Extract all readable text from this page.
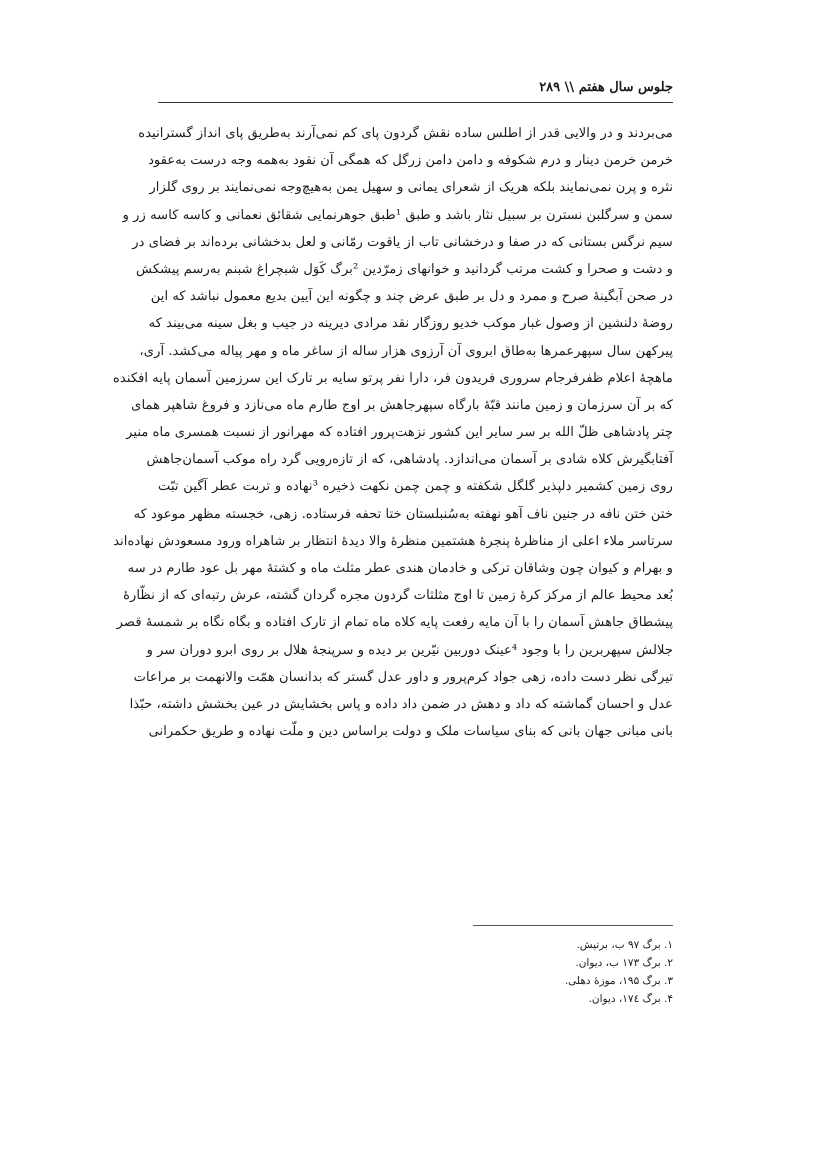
جلوس سال هفتم \\ ۲۸۹
می‌بردند و در والایی قدر از اطلس ساده نقش گردون پای کم نمی‌آرند به‌طریق پای انداز گسترانیده
خرمن خرمن دینار و درم شکوفه و دامن دامن زرگل که همگی آن نقود به‌همه وجه درست به‌عقود
نثره و پرن نمی‌نمایند بلکه هریک از شعرای یمانی و سهیل یمن به‌هیچ‌وجه نمی‌نمایند بر روی گلزار
سمن و سرگلبن نسترن بر سبیل نثار باشد و طبق ¹طبق جوهرنمایی شقائق نعمانی و کاسه کاسه زر و
سیم نرگس بستانی که در صفا و درخشانی تاب از یاقوت رمّانی و لعل بدخشانی برده‌اند بر فضای در
و دشت و صحرا و کشت مرتب گردانید و خوانهای زمرّدین ²برگ کَوَل شبچراغ شبنم به‌رسم پیشکش
در صحن آبگینهٔ صرح و ممرد و دل بر طبق عرض چند و چگونه این آیین بدیع معمول نباشد که این
روضهٔ دلنشین از وصول غبار موکب خدیو روزگار نقد مرادی دیرینه در جیب و بغل سینه می‌بیند که
پیرکهن سال سپهرعمرها به‌طاق ابروی آن آرزوی هزار ساله از ساغر ماه و مهر پیاله می‌کشد. آری،
ماهچهٔ اعلام ظفرفرجام سروری فریدون فر، دارا نفر پرتو سایه بر تارک این سرزمین آسمان پایه افکنده
که بر آن سرزمان و زمین مانند قبّهٔ بارگاه سپهرجاهش بر اوج طارم ماه می‌نازد و فروغ شاهپر همای
چتر پادشاهی ظلّ الله بر سر سایر این کشور نزهت‌پرور افتاده که مهرانور از نسبت همسری ماه منیر
آفتابگیرش کلاه شادی بر آسمان می‌اندازد. پادشاهی، که از تازه‌رویی گرد راه موکب آسمان‌جاهش
روی زمین کشمیر دلپذیر گلگل شکفته و چمن چمن نکهت ذخیره ³نهاده و تربت عطر آگین تبّت
ختن ختن نافه در جنین ناف آهو نهفته به‌سُنبلستان ختا تحفه فرستاده. زهی، خجسته مظهر موعود که
سرتاسر ملاء اعلی از مناظرهٔ پنجرهٔ هشتمین منظرهٔ والا دیدهٔ انتظار بر شاهراه ورود مسعودش نهاده‌اند
و بهرام و کیوان چون وشاقان ترکی و خادمان هندی عطر مثلث ماه و کشتهٔ مهر بل عود طارم در سه
بُعد محیط عالم از مرکز کرهٔ زمین تا اوج مثلثات گردون مجره گردان گشته، عرش رتبه‌ای که از نظّارهٔ
پیشطاق جاهش آسمان را با آن مایه رفعت پایه کلاه ماه تمام از تارک افتاده و بگاه نگاه بر شمسهٔ قصر
جلالش سپهربرین را با وجود ⁴عینک دوربین نیّرین بر دیده و سرپنجهٔ هلال بر روی ابرو دوران سر و
تیرگی نظر دست داده، زهی جواد کرم‌پرور و داور عدل گستر که بدانسان همّت والانهمت بر مراعات
عدل و احسان گماشته که داد و دهش در ضمن داد داده و پاس بخشایش در عین بخشش داشته، حبّذا
بانی مبانی جهان بانی که بنای سیاسات ملک و دولت براساس دین و ملّت نهاده و طریق حکمرانی
۱. برگ ۹۷ ب، برتیش.
۲. برگ ۱۷۳ ب، دیوان.
۳. برگ ۱۹۵، موزهٔ دهلی.
۴. برگ ۱۷٤، دیوان.
